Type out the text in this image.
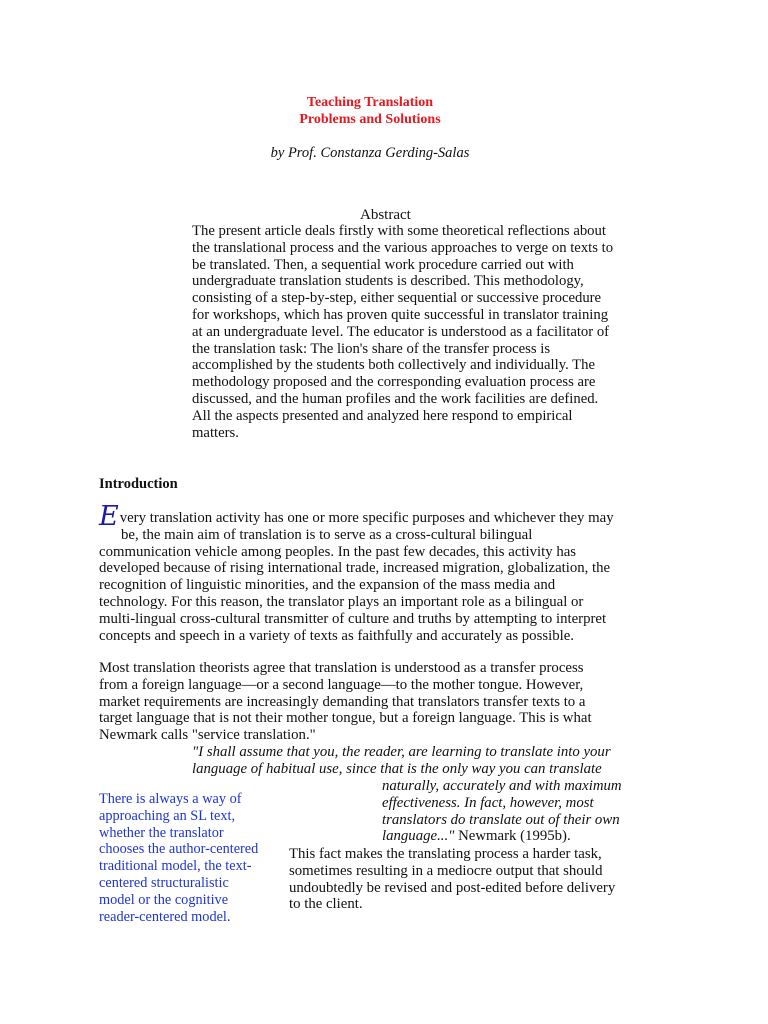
Teaching Translation
Problems and Solutions
by Prof. Constanza Gerding-Salas
Abstract
The present article deals firstly with some theoretical reflections about
the translational process and the various approaches to verge on texts to
be translated. Then, a sequential work procedure carried out with
undergraduate translation students is described. This methodology,
consisting of a step-by-step, either sequential or successive procedure
for workshops, which has proven quite successful in translator training
at an undergraduate level. The educator is understood as a facilitator of
the translation task: The lion's share of the transfer process is
accomplished by the students both collectively and individually. The
methodology proposed and the corresponding evaluation process are
discussed, and the human profiles and the work facilities are defined.
All the aspects presented and analyzed here respond to empirical
matters.
Introduction
Every translation activity has one or more specific purposes and whichever they may
be, the main aim of translation is to serve as a cross-cultural bilingual
communication vehicle among peoples. In the past few decades, this activity has
developed because of rising international trade, increased migration, globalization, the
recognition of linguistic minorities, and the expansion of the mass media and
technology. For this reason, the translator plays an important role as a bilingual or
multi-lingual cross-cultural transmitter of culture and truths by attempting to interpret
concepts and speech in a variety of texts as faithfully and accurately as possible.
Most translation theorists agree that translation is understood as a transfer process
from a foreign language—or a second language—to the mother tongue. However,
market requirements are increasingly demanding that translators transfer texts to a
target language that is not their mother tongue, but a foreign language. This is what
Newmark calls "service translation."
"I shall assume that you, the reader, are learning to translate into your
language of habitual use, since that is the only way you can translate
naturally, accurately and with maximum
effectiveness. In fact, however, most
translators do translate out of their own
language..." Newmark (1995b).
There is always a way of
approaching an SL text,
whether the translator
chooses the author-centered
traditional model, the text-
centered structuralistic
model or the cognitive
reader-centered model.
This fact makes the translating process a harder task,
sometimes resulting in a mediocre output that should
undoubtedly be revised and post-edited before delivery
to the client.
